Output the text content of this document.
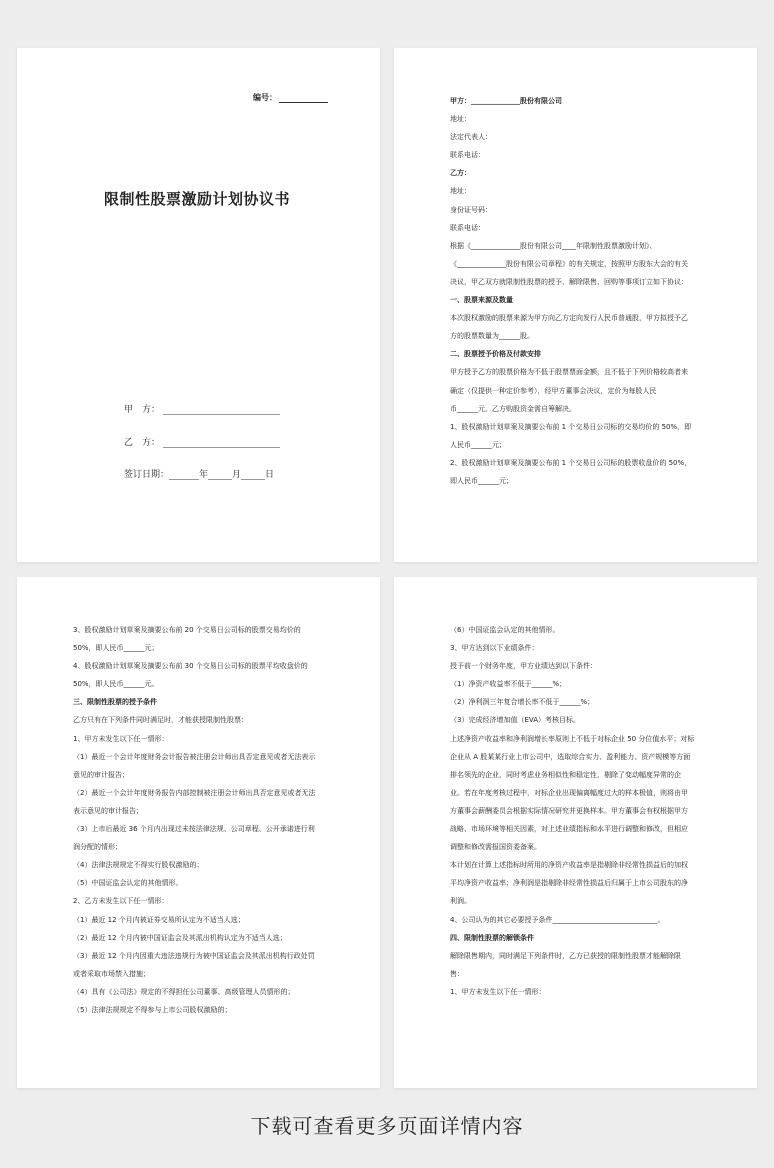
编号：
限制性股票激励计划协议书
甲　方：
乙　方：
签订日期：	年	月	日
甲方：______________股份有限公司
地址：
法定代表人：
联系电话：
乙方：
地址：
身份证号码：
联系电话：
根据《______________股份有限公司____年限制性股票激励计划》、
《______________股份有限公司章程》的有关规定，按照甲方股东大会的有关
决议，甲乙双方就限制性股票的授予、解除限售、回购等事项订立如下协议：
一、股票来源及数量
本次股权激励的股票来源为甲方向乙方定向发行人民币普通股，甲方拟授予乙
方的股票数量为______股。
二、股票授予价格及付款安排
甲方授予乙方的股票价格为不低于股票票面金额，且不低于下列价格较高者来
确定（仅提供一种定价参考），经甲方董事会决议，定价为每股人民
币______元，乙方购股资金需自筹解决。
1、股权激励计划草案及摘要公布前 1 个交易日公司标的交易均价的 50%，即
人民币______元；
2、股权激励计划草案及摘要公布前 1 个交易日公司标的股票收盘价的 50%，
即人民币______元；
3、股权激励计划草案及摘要公布前 20 个交易日公司标的股票交易均价的
50%，即人民币______元；
4、股权激励计划草案及摘要公布前 30 个交易日公司标的股票平均收盘价的
50%，即人民币______元。
三、限制性股票的授予条件
乙方只有在下列条件同时满足时，才能获授限制性股票：
1、甲方未发生以下任一情形：
（1）最近一个会计年度财务会计报告被注册会计师出具否定意见或者无法表示
意见的审计报告；
（2）最近一个会计年度财务报告内部控制被注册会计师出具否定意见或者无法
表示意见的审计报告；
（3）上市后最近 36 个月内出现过未按法律法规、公司章程、公开承诺进行利
润分配的情形；
（4）法律法规规定不得实行股权激励的；
（5）中国证监会认定的其他情形。
2、乙方未发生以下任一情形：
（1）最近 12 个月内被证券交易所认定为不适当人选；
（2）最近 12 个月内被中国证监会及其派出机构认定为不适当人选；
（3）最近 12 个月内因重大违法违规行为被中国证监会及其派出机构行政处罚
或者采取市场禁入措施；
（4）具有《公司法》规定的不得担任公司董事、高级管理人员情形的；
（5）法律法规规定不得参与上市公司股权激励的；
（6）中国证监会认定的其他情形。
3、甲方达到以下业绩条件：
授予前一个财务年度，甲方业绩达到以下条件：
（1）净资产收益率不低于______%；
（2）净利润三年复合增长率不低于______%；
（3）完成经济增加值（EVA）考核目标。
上述净资产收益率和净利润增长率原则上不低于对标企业 50 分位值水平；对标
企业从 A 股某某行业上市公司中，选取综合实力、盈利能力、资产规模等方面
排名领先的企业，同时考虑业务相似性和稳定性，剔除了变动幅度异常的企
业。若在年度考核过程中，对标企业出现偏离幅度过大的样本极值，则将由甲
方董事会薪酬委员会根据实际情况研究并更换样本。甲方董事会有权根据甲方
战略、市场环境等相关因素，对上述业绩指标和水平进行调整和修改，但相应
调整和修改需报国资委备案。
本计划在计算上述指标时所用的净资产收益率是指剔除非经常性损益后的加权
平均净资产收益率；净利润是指剔除非经常性损益后归属于上市公司股东的净
利润。
4、公司认为的其它必要授予条件______________________________。
四、限制性股票的解锁条件
解除限售期内，同时满足下列条件时，乙方已获授的限制性股票才能解除限
售：
1、甲方未发生以下任一情形：
下载可查看更多页面详情内容
